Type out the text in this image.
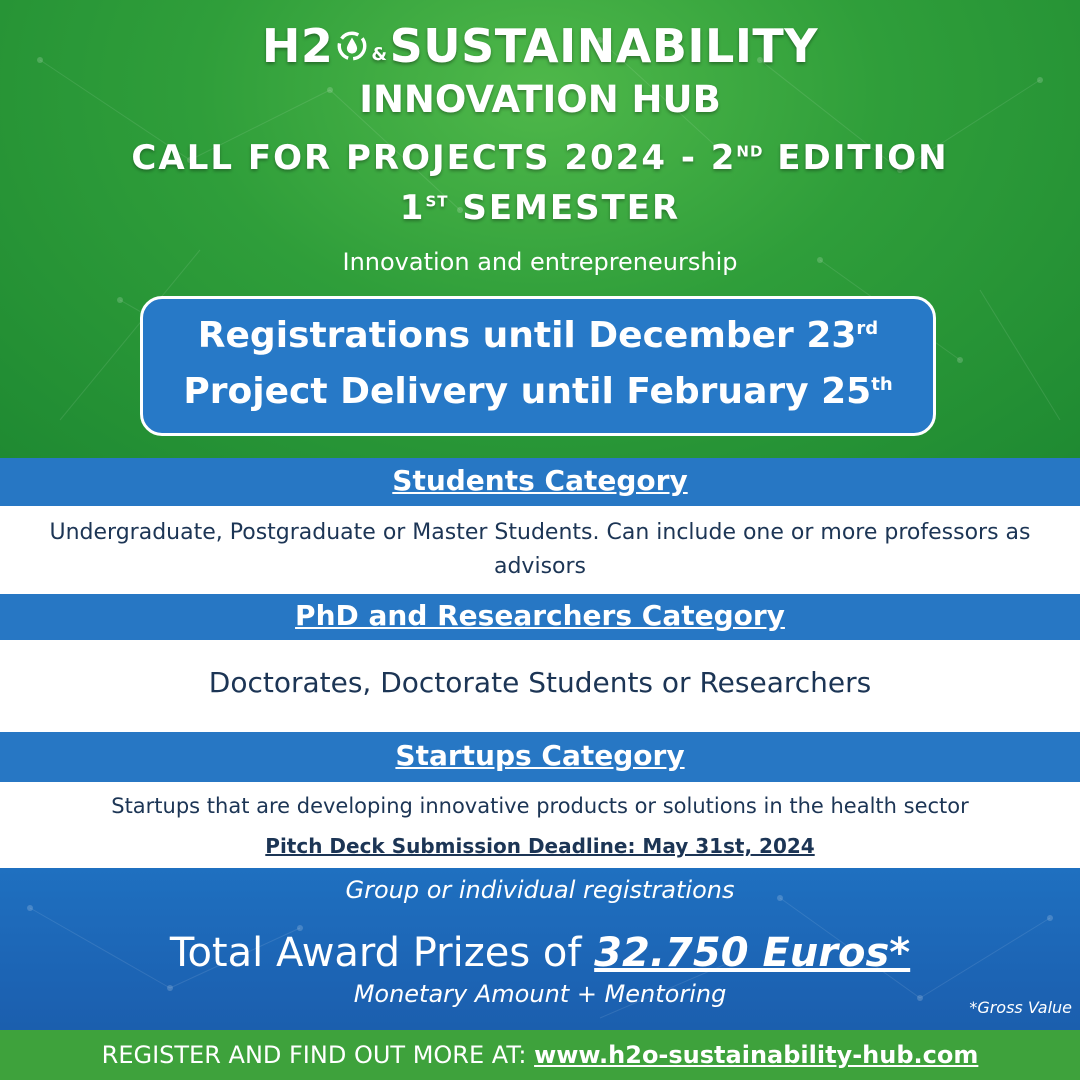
H2 & SUSTAINABILITY
INNOVATION HUB
CALL FOR PROJECTS 2024 - 2ND EDITION
1ST SEMESTER
Innovation and entrepreneurship
Registrations until December 23rd
Project Delivery until February 25th
Students Category
Undergraduate, Postgraduate or Master Students. Can include one or more professors as advisors
PhD and Researchers Category
Doctorates, Doctorate Students or Researchers
Startups Category
Startups that are developing innovative products or solutions in the health sector
Pitch Deck Submission Deadline: May 31st, 2024
Group or individual registrations
Total Award Prizes of 32.750 Euros*
Monetary Amount + Mentoring	*Gross Value
REGISTER AND FIND OUT MORE AT: www.h2o-sustainability-hub.com
